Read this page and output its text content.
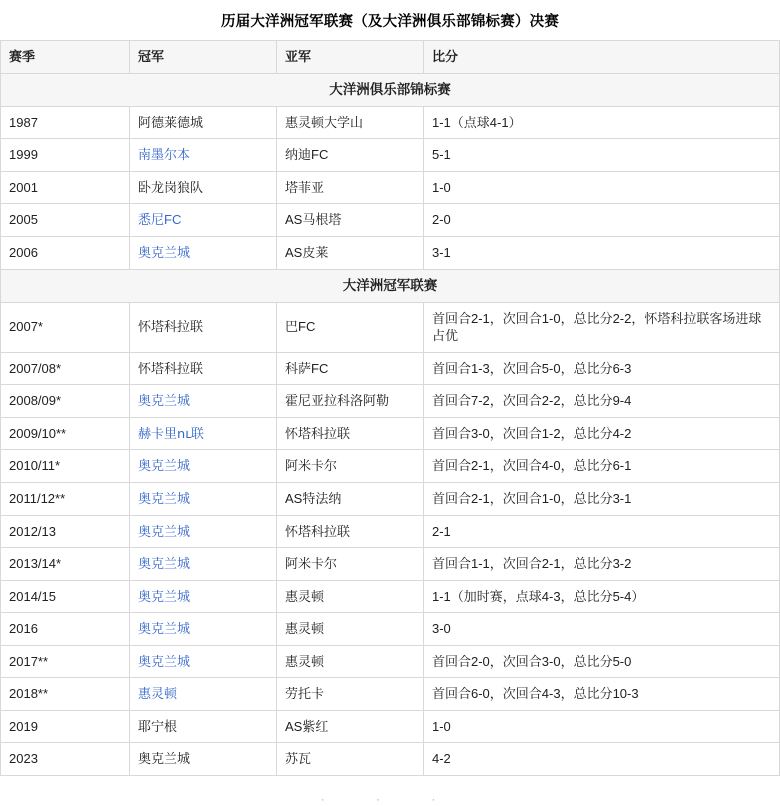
历届大洋洲冠军联赛（及大洋洲俱乐部锦标赛）决赛
赛季	冠军	亚军	比分
大洋洲俱乐部锦标赛			
1987	阿德莱德城	惠灵顿大学山	1-1（点球4-1）
1999	南墨尔本	纳迪FC	5-1
2001	卧龙岗狼队	塔菲亚	1-0
2005	悉尼FC	AS马根塔	2-0
2006	奥克兰城	AS皮莱	3-1
大洋洲冠军联赛			
2007*	怀塔科拉联	巴FC	首回合2-1，次回合1-0，总比分2-2，怀塔科拉联客场进球占优
2007/08*	怀塔科拉联	科萨FC	首回合1-3，次回合5-0，总比分6-3
2008/09*	奥克兰城	霍尼亚拉科洛阿勒	首回合7-2，次回合2-2，总比分9-4
2009/10**	赫卡里ու联	怀塔科拉联	首回合3-0，次回合1-2，总比分4-2
2010/11*	奥克兰城	阿米卡尔	首回合2-1，次回合4-0，总比分6-1
2011/12**	奥克兰城	AS特法纳	首回合2-1，次回合1-0，总比分3-1
2012/13	奥克兰城	怀塔科拉联	2-1
2013/14*	奥克兰城	阿米卡尔	首回合1-1，次回合2-1，总比分3-2
2014/15	奥克兰城	惠灵顿	1-1（加时赛，点球4-3，总比分5-4）
2016	奥克兰城	惠灵顿	3-0
2017**	奥克兰城	惠灵顿	首回合2-0，次回合3-0，总比分5-0
2018**	惠灵顿	劳托卡	首回合6-0，次回合4-3，总比分10-3
2019	耶宁根	AS紫红	1-0
2023	奥克兰城	苏瓦	4-2
· · ·
